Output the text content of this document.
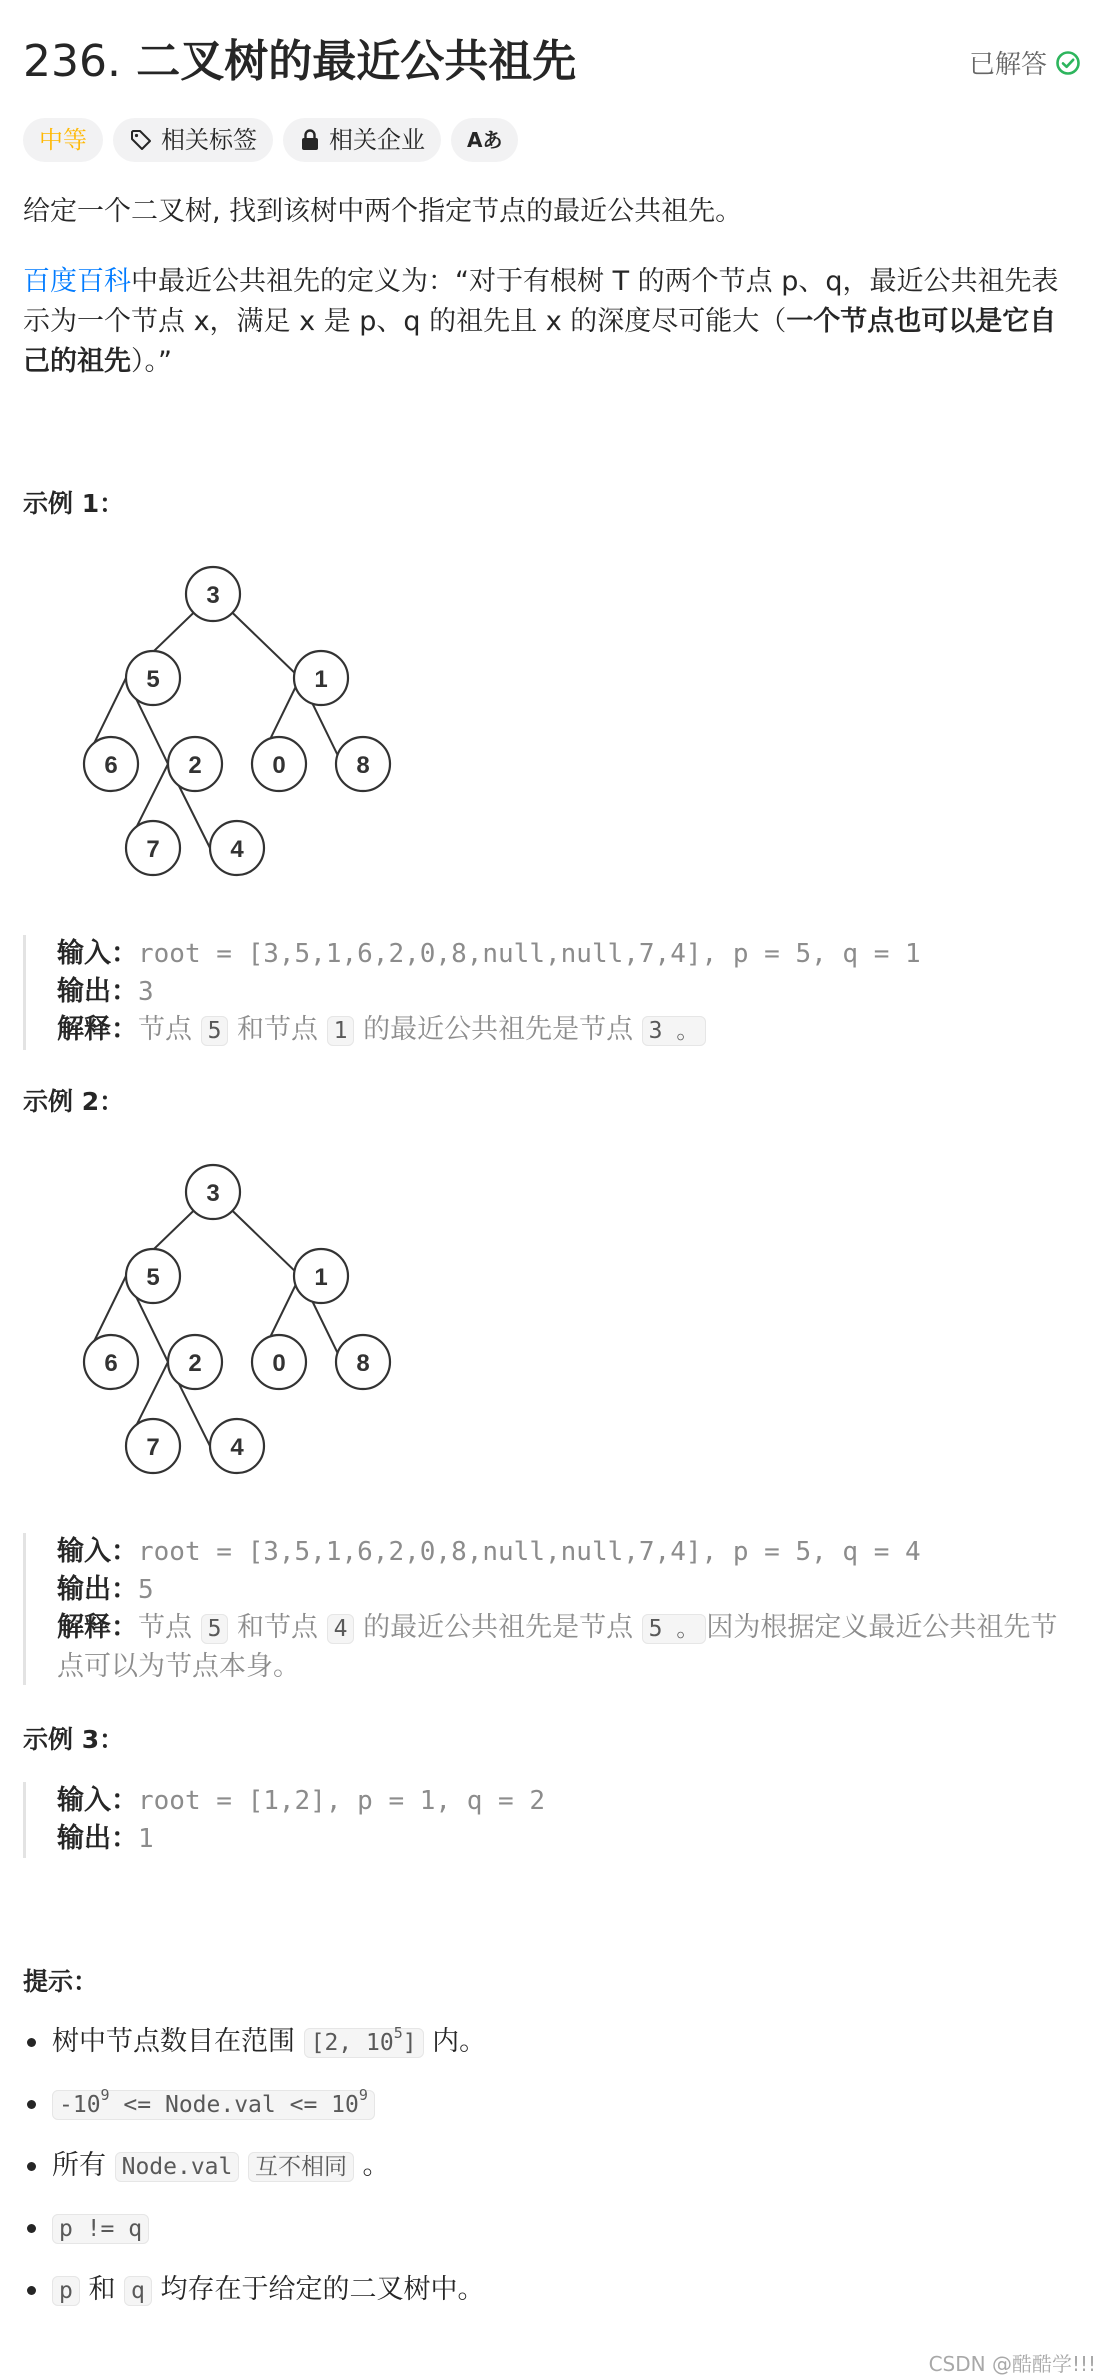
236. 二叉树的最近公共祖先	已解答
中等	相关标签	相关企业 Aあ
给定一个二叉树, 找到该树中两个指定节点的最近公共祖先。
百度百科中最近公共祖先的定义为：“对于有根树 T 的两个节点 p、q，最近公共祖先表示为一个节点 x，满足 x 是 p、q 的祖先且 x 的深度尽可能大（一个节点也可以是它自己的祖先）。”
示例 1：
3
5	1
6	2	0	8
7	4
输入：root = [3,5,1,6,2,0,8,null,null,7,4], p = 5, q = 1
输出：3
解释：节点 5 和节点 1 的最近公共祖先是节点 3 。
示例 2：
3
5	1
6	2	0	8
7	4
输入：root = [3,5,1,6,2,0,8,null,null,7,4], p = 5, q = 4
输出：5
解释：节点 5 和节点 4 的最近公共祖先是节点 5 。 因为根据定义最近公共祖先节点可以为节点本身。
示例 3：
输入：root = [1,2], p = 1, q = 2
输出：1
提示：
树中节点数目在范围 [2, $10^5$] 内。
$-10^9$ <= Node.val <= $10^9$
所有 Node.val 互不相同 。
p != q
p 和 q 均存在于给定的二叉树中。
CSDN @酷酷学!!!
